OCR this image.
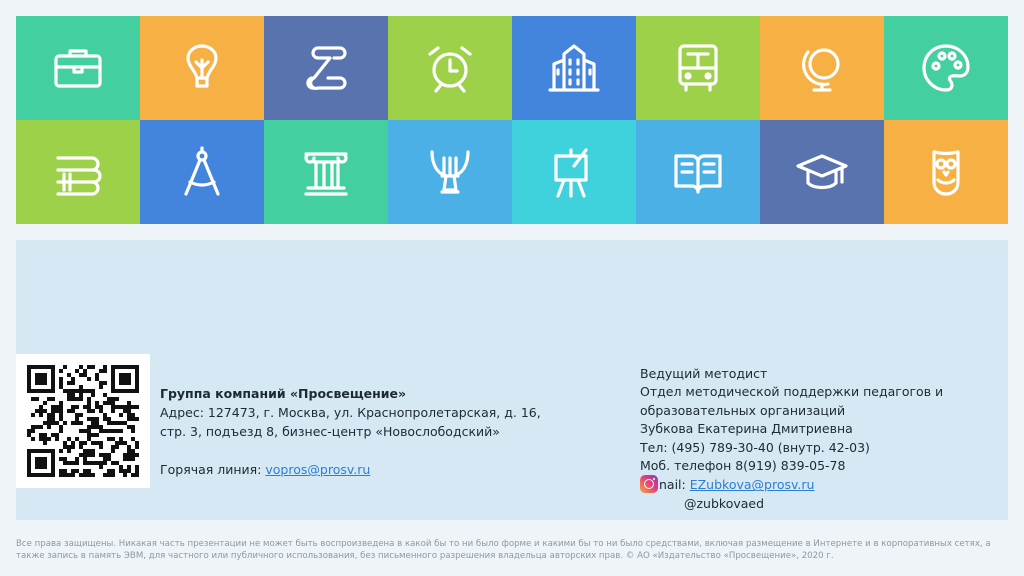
Группа компаний «Просвещение»
Адрес: 127473, г. Москва, ул. Краснопролетарская, д. 16,
стр. 3, подъезд 8, бизнес-центр «Новослободский»
Горячая линия: vopros@prosv.ru
Ведущий методист
Отдел методической поддержки педагогов и
образовательных организаций
Зубкова Екатерина Дмитриевна
Тел: (495) 789-30-40 (внутр. 42-03)
Моб. телефон 8(919) 839-05-78
nail: EZubkova@prosv.ru
@zubkovaed
Все права защищены. Никакая часть презентации не может быть воспроизведена в какой бы то ни было форме и какими бы то ни было средствами, включая размещение в Интернете и в корпоративных сетях, а также запись в память ЭВМ, для частного или публичного использования, без письменного разрешения владельца авторских прав. © АО «Издательство «Просвещение», 2020 г.
